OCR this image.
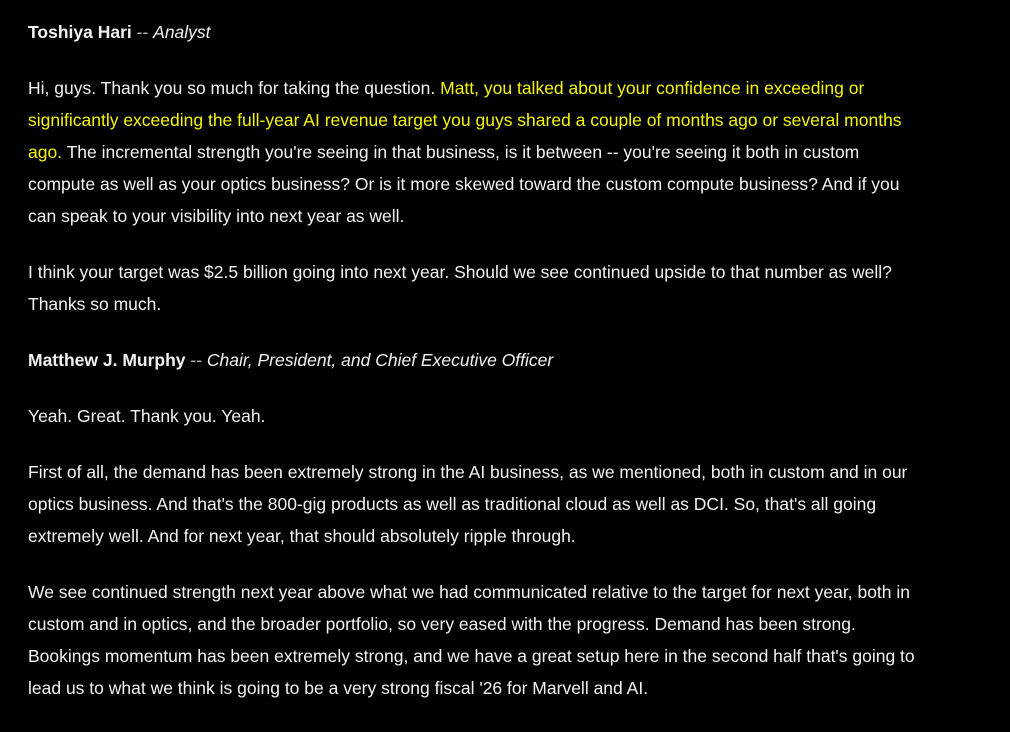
Toshiya Hari -- Analyst

Hi, guys. Thank you so much for taking the question. Matt, you talked about your confidence in exceeding or significantly exceeding the full-year AI revenue target you guys shared a couple of months ago or several months ago. The incremental strength you're seeing in that business, is it between -- you're seeing it both in custom compute as well as your optics business? Or is it more skewed toward the custom compute business? And if you can speak to your visibility into next year as well.

I think your target was $2.5 billion going into next year. Should we see continued upside to that number as well? Thanks so much.

Matthew J. Murphy -- Chair, President, and Chief Executive Officer

Yeah. Great. Thank you. Yeah.

First of all, the demand has been extremely strong in the AI business, as we mentioned, both in custom and in our optics business. And that's the 800-gig products as well as traditional cloud as well as DCI. So, that's all going extremely well. And for next year, that should absolutely ripple through.

We see continued strength next year above what we had communicated relative to the target for next year, both in custom and in optics, and the broader portfolio, so very eased with the progress. Demand has been strong. Bookings momentum has been extremely strong, and we have a great setup here in the second half that's going to lead us to what we think is going to be a very strong fiscal '26 for Marvell and AI.
